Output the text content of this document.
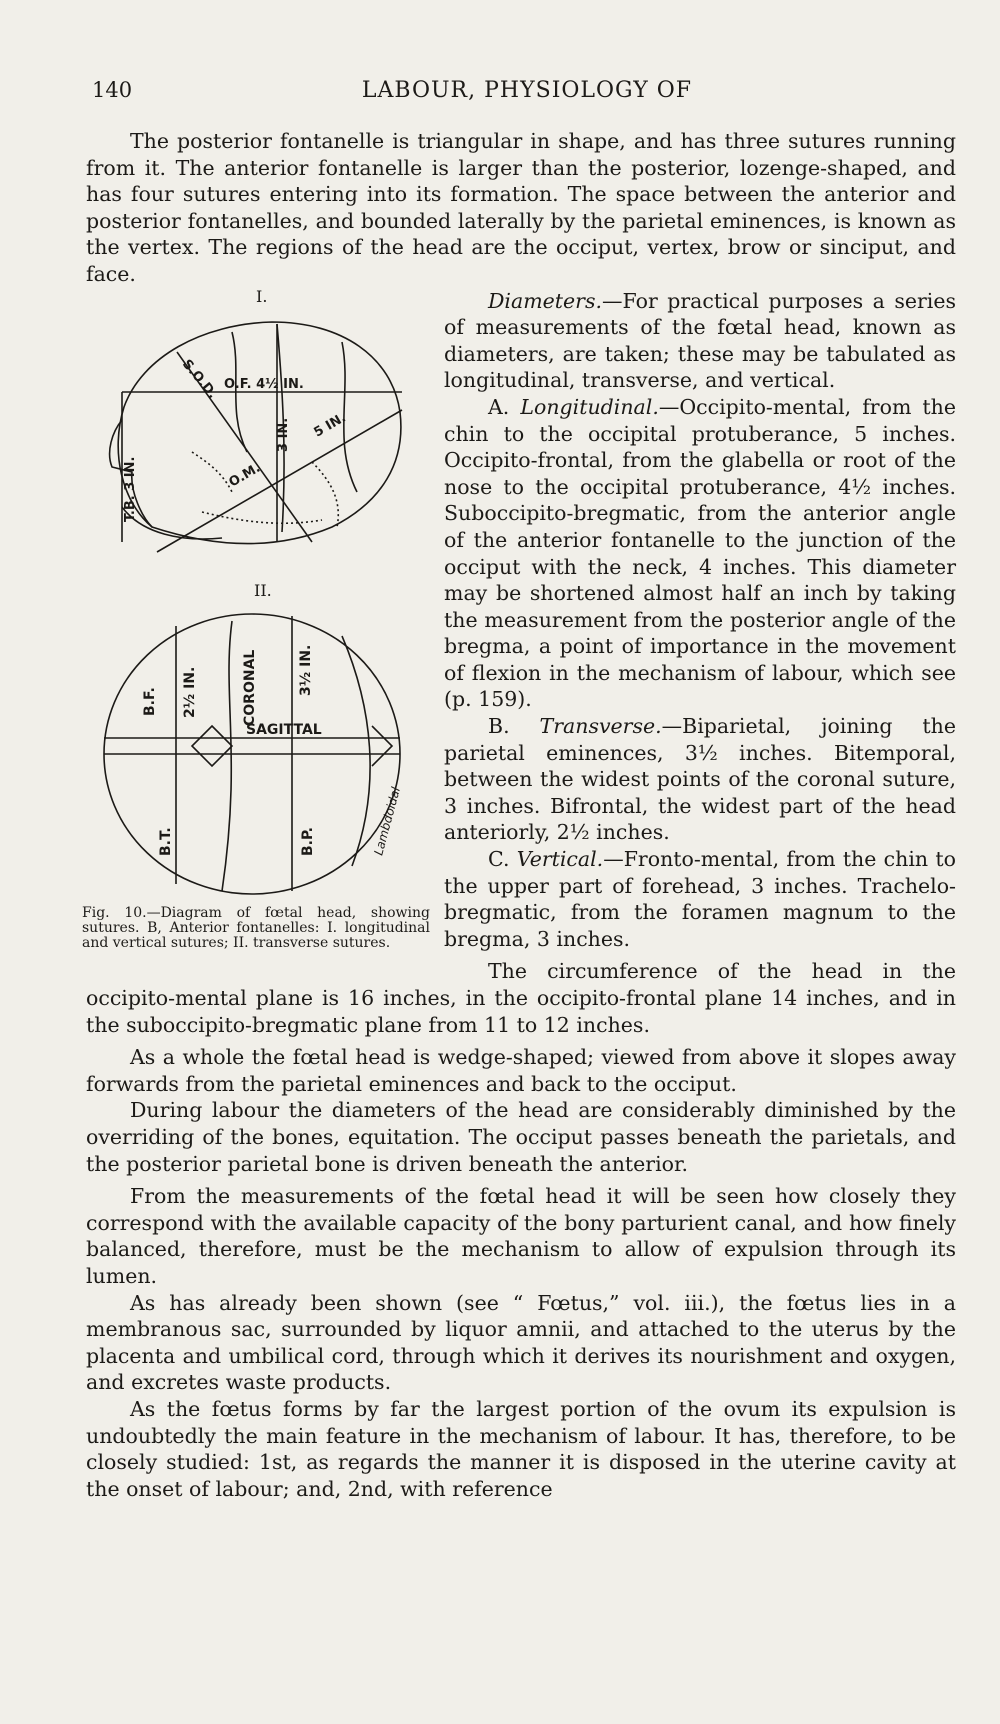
140	LABOUR, PHYSIOLOGY OF

The posterior fontanelle is triangular in shape, and has three sutures running from it. The anterior fontanelle is larger than the posterior, lozenge-shaped, and has four sutures entering into its formation. The space between the anterior and posterior fontanelles, and bounded laterally by the parietal eminences, is known as the vertex. The regions of the head are the occiput, vertex, brow or sinciput, and face.

I.
S.O.D. O.F. 4½ IN.
3 IN. 5 IN.
O.M.
T.B. 3 IN.
II.
B.F. 2½ IN.	CORONAL	3½ IN.
SAGITTAL
B.T.	B.P.	Lambdoidal
Fig. 10.—Diagram of fœtal head, showing sutures. B, Anterior fontanelles: I. longitudinal and vertical sutures; II. transverse sutures.

Diameters.—For practical purposes a series of measurements of the fœtal head, known as diameters, are taken; these may be tabulated as longitudinal, transverse, and vertical.

A. Longitudinal.—Occipito-mental, from the chin to the occipital protuberance, 5 inches. Occipito-frontal, from the glabella or root of the nose to the occipital protuberance, 4½ inches. Suboccipito-bregmatic, from the anterior angle of the anterior fontanelle to the junction of the occiput with the neck, 4 inches. This diameter may be shortened almost half an inch by taking the measurement from the posterior angle of the bregma, a point of importance in the movement of flexion in the mechanism of labour, which see (p. 159).

B. Transverse.—Biparietal, joining the parietal eminences, 3½ inches. Bitemporal, between the widest points of the coronal suture, 3 inches. Bifrontal, the widest part of the head anteriorly, 2½ inches.

C. Vertical.—Fronto-mental, from the chin to the upper part of forehead, 3 inches. Trachelo-bregmatic, from the foramen magnum to the bregma, 3 inches.

The circumference of the head in the occipito-mental plane is 16 inches, in the occipito-frontal plane 14 inches, and in the suboccipito-bregmatic plane from 11 to 12 inches.

As a whole the fœtal head is wedge-shaped; viewed from above it slopes away forwards from the parietal eminences and back to the occiput.

During labour the diameters of the head are considerably diminished by the overriding of the bones, equitation. The occiput passes beneath the parietals, and the posterior parietal bone is driven beneath the anterior.

From the measurements of the fœtal head it will be seen how closely they correspond with the available capacity of the bony parturient canal, and how finely balanced, therefore, must be the mechanism to allow of expulsion through its lumen.

As has already been shown (see “ Fœtus,” vol. iii.), the fœtus lies in a membranous sac, surrounded by liquor amnii, and attached to the uterus by the placenta and umbilical cord, through which it derives its nourishment and oxygen, and excretes waste products.

As the fœtus forms by far the largest portion of the ovum its expulsion is undoubtedly the main feature in the mechanism of labour. It has, therefore, to be closely studied: 1st, as regards the manner it is disposed in the uterine cavity at the onset of labour; and, 2nd, with reference
